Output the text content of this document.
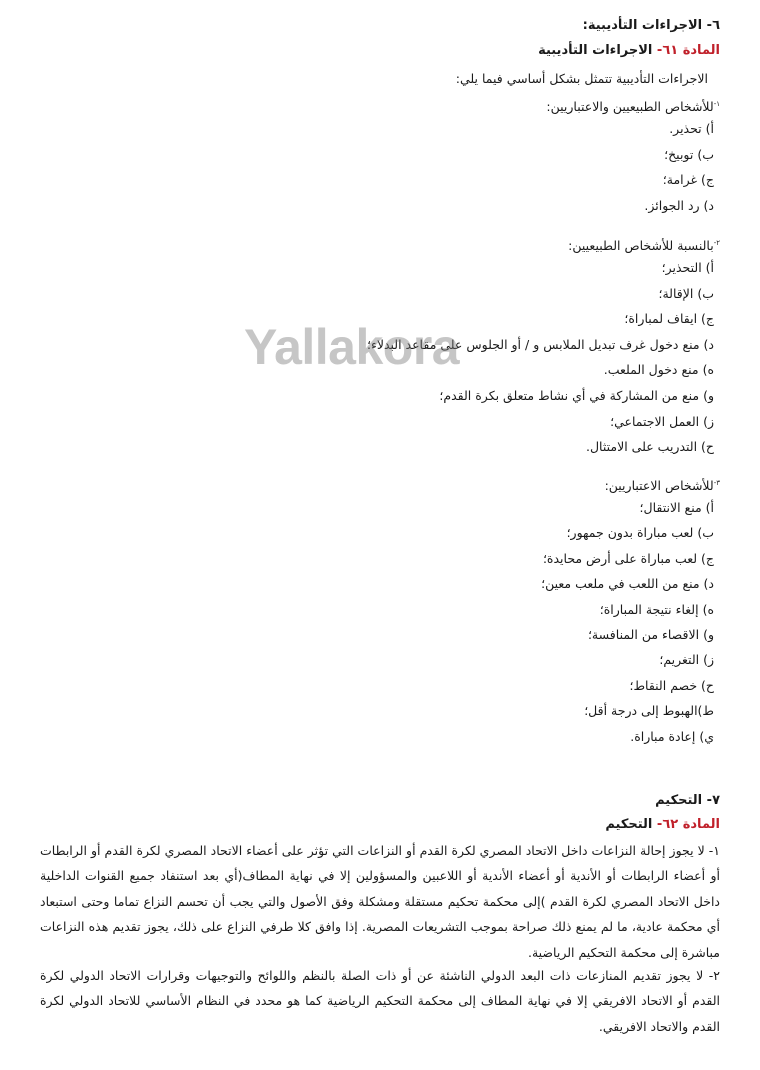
٦- الاجراءات التأديبية:
المادة ٦١- الاجراءات التأديبية
الاجراءات التأديبية تتمثل بشكل أساسي فيما يلي:
$^{١-}$للأشخاص الطبيعيين والاعتباريين:
أ) تحذير.
ب) توبيخ؛
ج) غرامة؛
د) رد الجوائز.
$^{٢-}$بالنسبة للأشخاص الطبيعيين:
أ) التحذير؛
ب) الإقالة؛
ج) ايقاف لمباراة؛
د) منع دخول غرف تبديل الملابس و / أو الجلوس على مقاعد البدلاء؛
ه) منع دخول الملعب.
و) منع من المشاركة في أي نشاط متعلق بكرة القدم؛
ز) العمل الاجتماعي؛
ح) التدريب على الامتثال.
$^{٣-}$للأشخاص الاعتباريين:
أ) منع الانتقال؛
ب) لعب مباراة بدون جمهور؛
ج) لعب مباراة على أرض محايدة؛
د) منع من اللعب في ملعب معين؛
ه) إلغاء نتيجة المباراة؛
و) الاقصاء من المنافسة؛
ز) التغريم؛
ح) خصم النقاط؛
ط)الهبوط إلى درجة أقل؛
ي) إعادة مباراة.
٧- التحكيم
المادة ٦٢- التحكيم
١- لا يجوز إحالة النزاعات داخل الاتحاد المصري لكرة القدم أو النزاعات التي تؤثر على أعضاء الاتحاد المصري لكرة القدم أو الرابطات أو أعضاء الرابطات أو الأندية أو أعضاء الأندية أو اللاعبين والمسؤولين إلا في نهاية المطاف(أي بعد استنفاد جميع القنوات الداخلية داخل الاتحاد المصري لكرة القدم )إلى محكمة تحكيم مستقلة ومشكلة وفق الأصول والتي يجب أن تحسم النزاع تماما وحتى استبعاد أي محكمة عادية، ما لم يمنع ذلك صراحة بموجب التشريعات المصرية. إذا وافق كلا طرفي النزاع على ذلك، يجوز تقديم هذه النزاعات مباشرة إلى محكمة التحكيم الرياضية.
٢- لا يجوز تقديم المنازعات ذات البعد الدولي الناشئة عن أو ذات الصلة بالنظم واللوائح والتوجيهات وقرارات الاتحاد الدولي لكرة القدم أو الاتحاد الافريقي إلا في نهاية المطاف إلى محكمة التحكيم الرياضية كما هو محدد في النظام الأساسي للاتحاد الدولي لكرة القدم والاتحاد الافريقي.
Yallakora
